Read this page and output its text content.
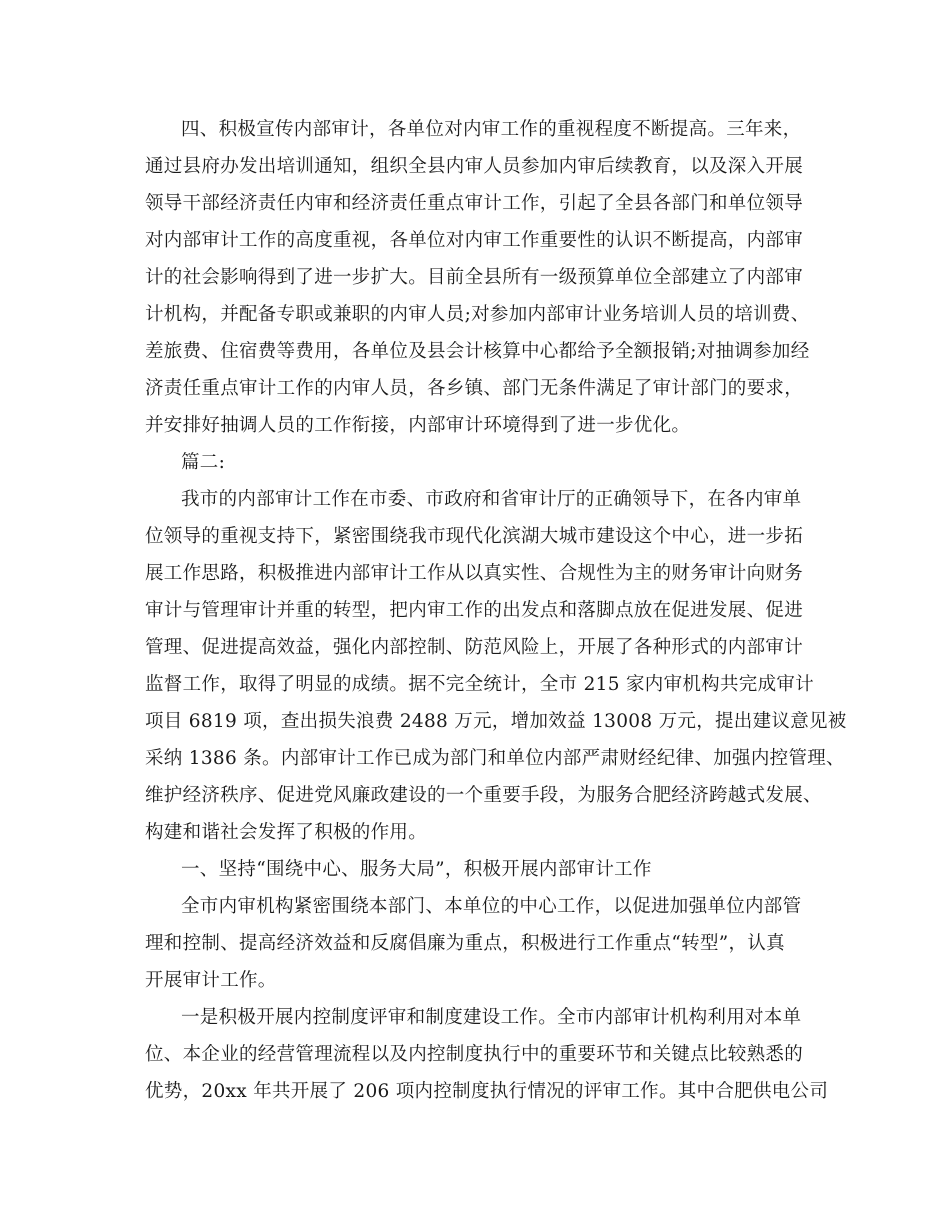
四、积极宣传内部审计，各单位对内审工作的重视程度不断提高。三年来，
通过县府办发出培训通知，组织全县内审人员参加内审后续教育，以及深入开展
领导干部经济责任内审和经济责任重点审计工作，引起了全县各部门和单位领导
对内部审计工作的高度重视，各单位对内审工作重要性的认识不断提高，内部审
计的社会影响得到了进一步扩大。目前全县所有一级预算单位全部建立了内部审
计机构，并配备专职或兼职的内审人员;对参加内部审计业务培训人员的培训费、
差旅费、住宿费等费用，各单位及县会计核算中心都给予全额报销;对抽调参加经
济责任重点审计工作的内审人员，各乡镇、部门无条件满足了审计部门的要求，
并安排好抽调人员的工作衔接，内部审计环境得到了进一步优化。
篇二:
我市的内部审计工作在市委、市政府和省审计厅的正确领导下，在各内审单
位领导的重视支持下，紧密围绕我市现代化滨湖大城市建设这个中心，进一步拓
展工作思路，积极推进内部审计工作从以真实性、合规性为主的财务审计向财务
审计与管理审计并重的转型，把内审工作的出发点和落脚点放在促进发展、促进
管理、促进提高效益，强化内部控制、防范风险上，开展了各种形式的内部审计
监督工作，取得了明显的成绩。据不完全统计，全市 215 家内审机构共完成审计
项目 6819 项，查出损失浪费 2488 万元，增加效益 13008 万元，提出建议意见被
采纳 1386 条。内部审计工作已成为部门和单位内部严肃财经纪律、加强内控管理、
维护经济秩序、促进党风廉政建设的一个重要手段，为服务合肥经济跨越式发展、
构建和谐社会发挥了积极的作用。
一、坚持“围绕中心、服务大局”，积极开展内部审计工作
全市内审机构紧密围绕本部门、本单位的中心工作，以促进加强单位内部管
理和控制、提高经济效益和反腐倡廉为重点，积极进行工作重点“转型”，认真
开展审计工作。
一是积极开展内控制度评审和制度建设工作。全市内部审计机构利用对本单
位、本企业的经营管理流程以及内控制度执行中的重要环节和关键点比较熟悉的
优势，20xx 年共开展了 206 项内控制度执行情况的评审工作。其中合肥供电公司
